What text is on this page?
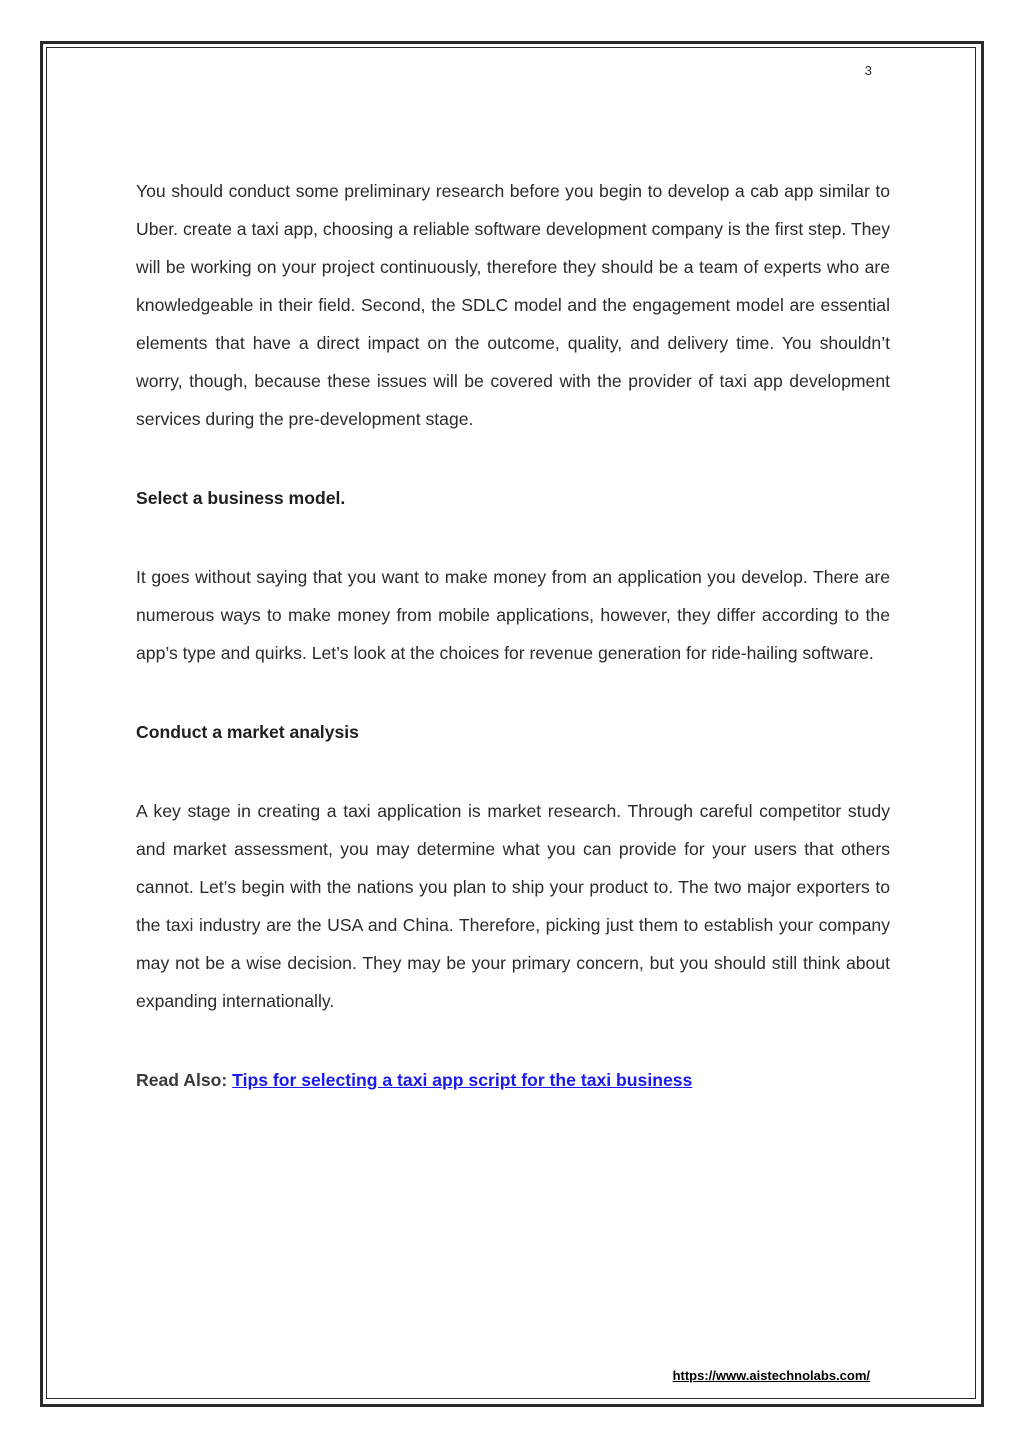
3

You should conduct some preliminary research before you begin to develop a cab app similar to Uber. create a taxi app, choosing a reliable software development company is the first step. They will be working on your project continuously, therefore they should be a team of experts who are knowledgeable in their field. Second, the SDLC model and the engagement model are essential elements that have a direct impact on the outcome, quality, and delivery time. You shouldn’t worry, though, because these issues will be covered with the provider of taxi app development services during the pre-development stage.

Select a business model.

It goes without saying that you want to make money from an application you develop. There are numerous ways to make money from mobile applications, however, they differ according to the app’s type and quirks. Let’s look at the choices for revenue generation for ride-hailing software.

Conduct a market analysis

A key stage in creating a taxi application is market research. Through careful competitor study and market assessment, you may determine what you can provide for your users that others cannot. Let’s begin with the nations you plan to ship your product to. The two major exporters to the taxi industry are the USA and China. Therefore, picking just them to establish your company may not be a wise decision. They may be your primary concern, but you should still think about expanding internationally.

Read Also: Tips for selecting a taxi app script for the taxi business

https://www.aistechnolabs.com/
